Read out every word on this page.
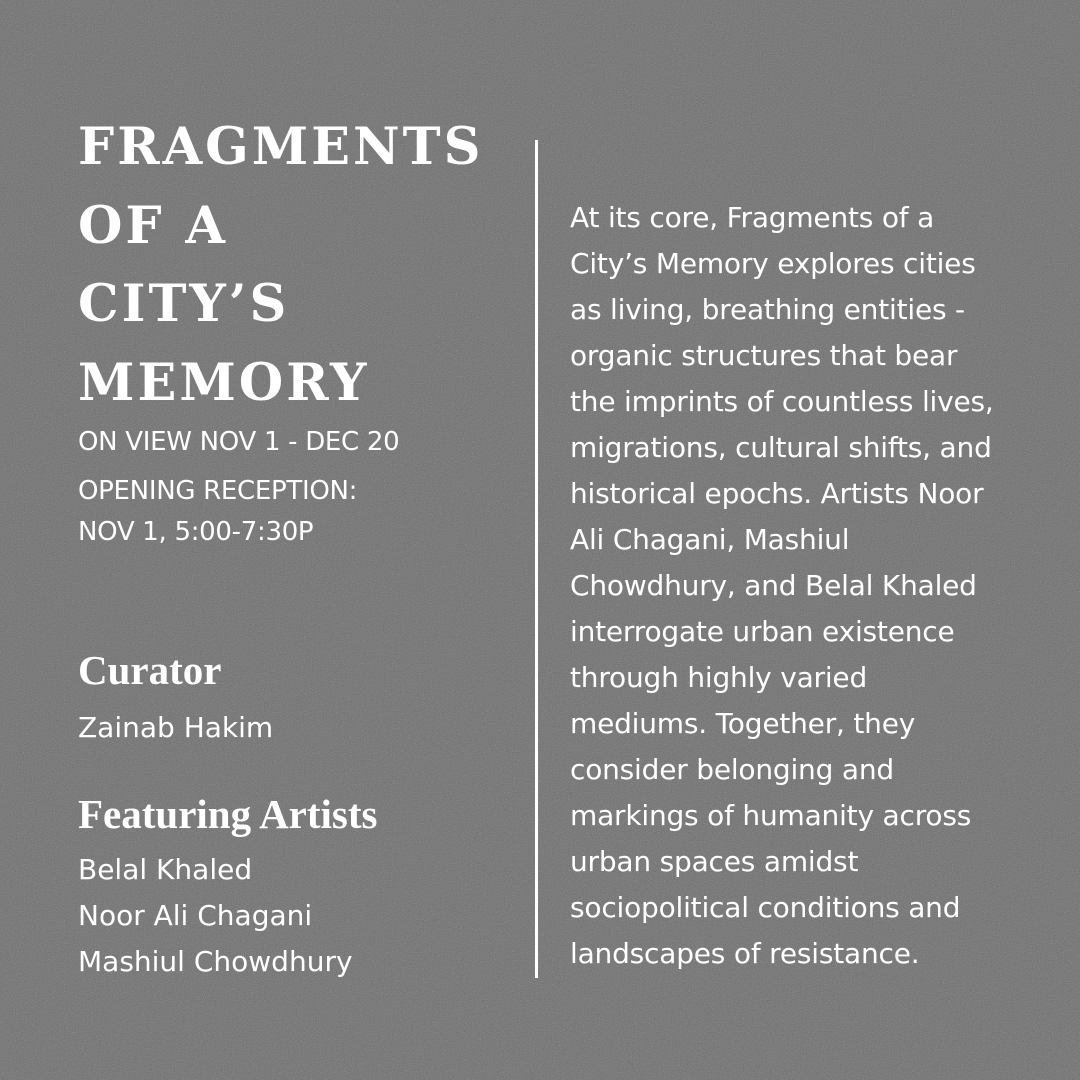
FRAGMENTS
OF A
CITY’S
MEMORY
ON VIEW NOV 1 - DEC 20
OPENING RECEPTION:
NOV 1, 5:00-7:30P
Curator
Zainab Hakim
Featuring Artists
Belal Khaled
Noor Ali Chagani
Mashiul Chowdhury
At its core, Fragments of a
City’s Memory explores cities
as living, breathing entities -
organic structures that bear
the imprints of countless lives,
migrations, cultural shifts, and
historical epochs. Artists Noor
Ali Chagani, Mashiul
Chowdhury, and Belal Khaled
interrogate urban existence
through highly varied
mediums. Together, they
consider belonging and
markings of humanity across
urban spaces amidst
sociopolitical conditions and
landscapes of resistance.
